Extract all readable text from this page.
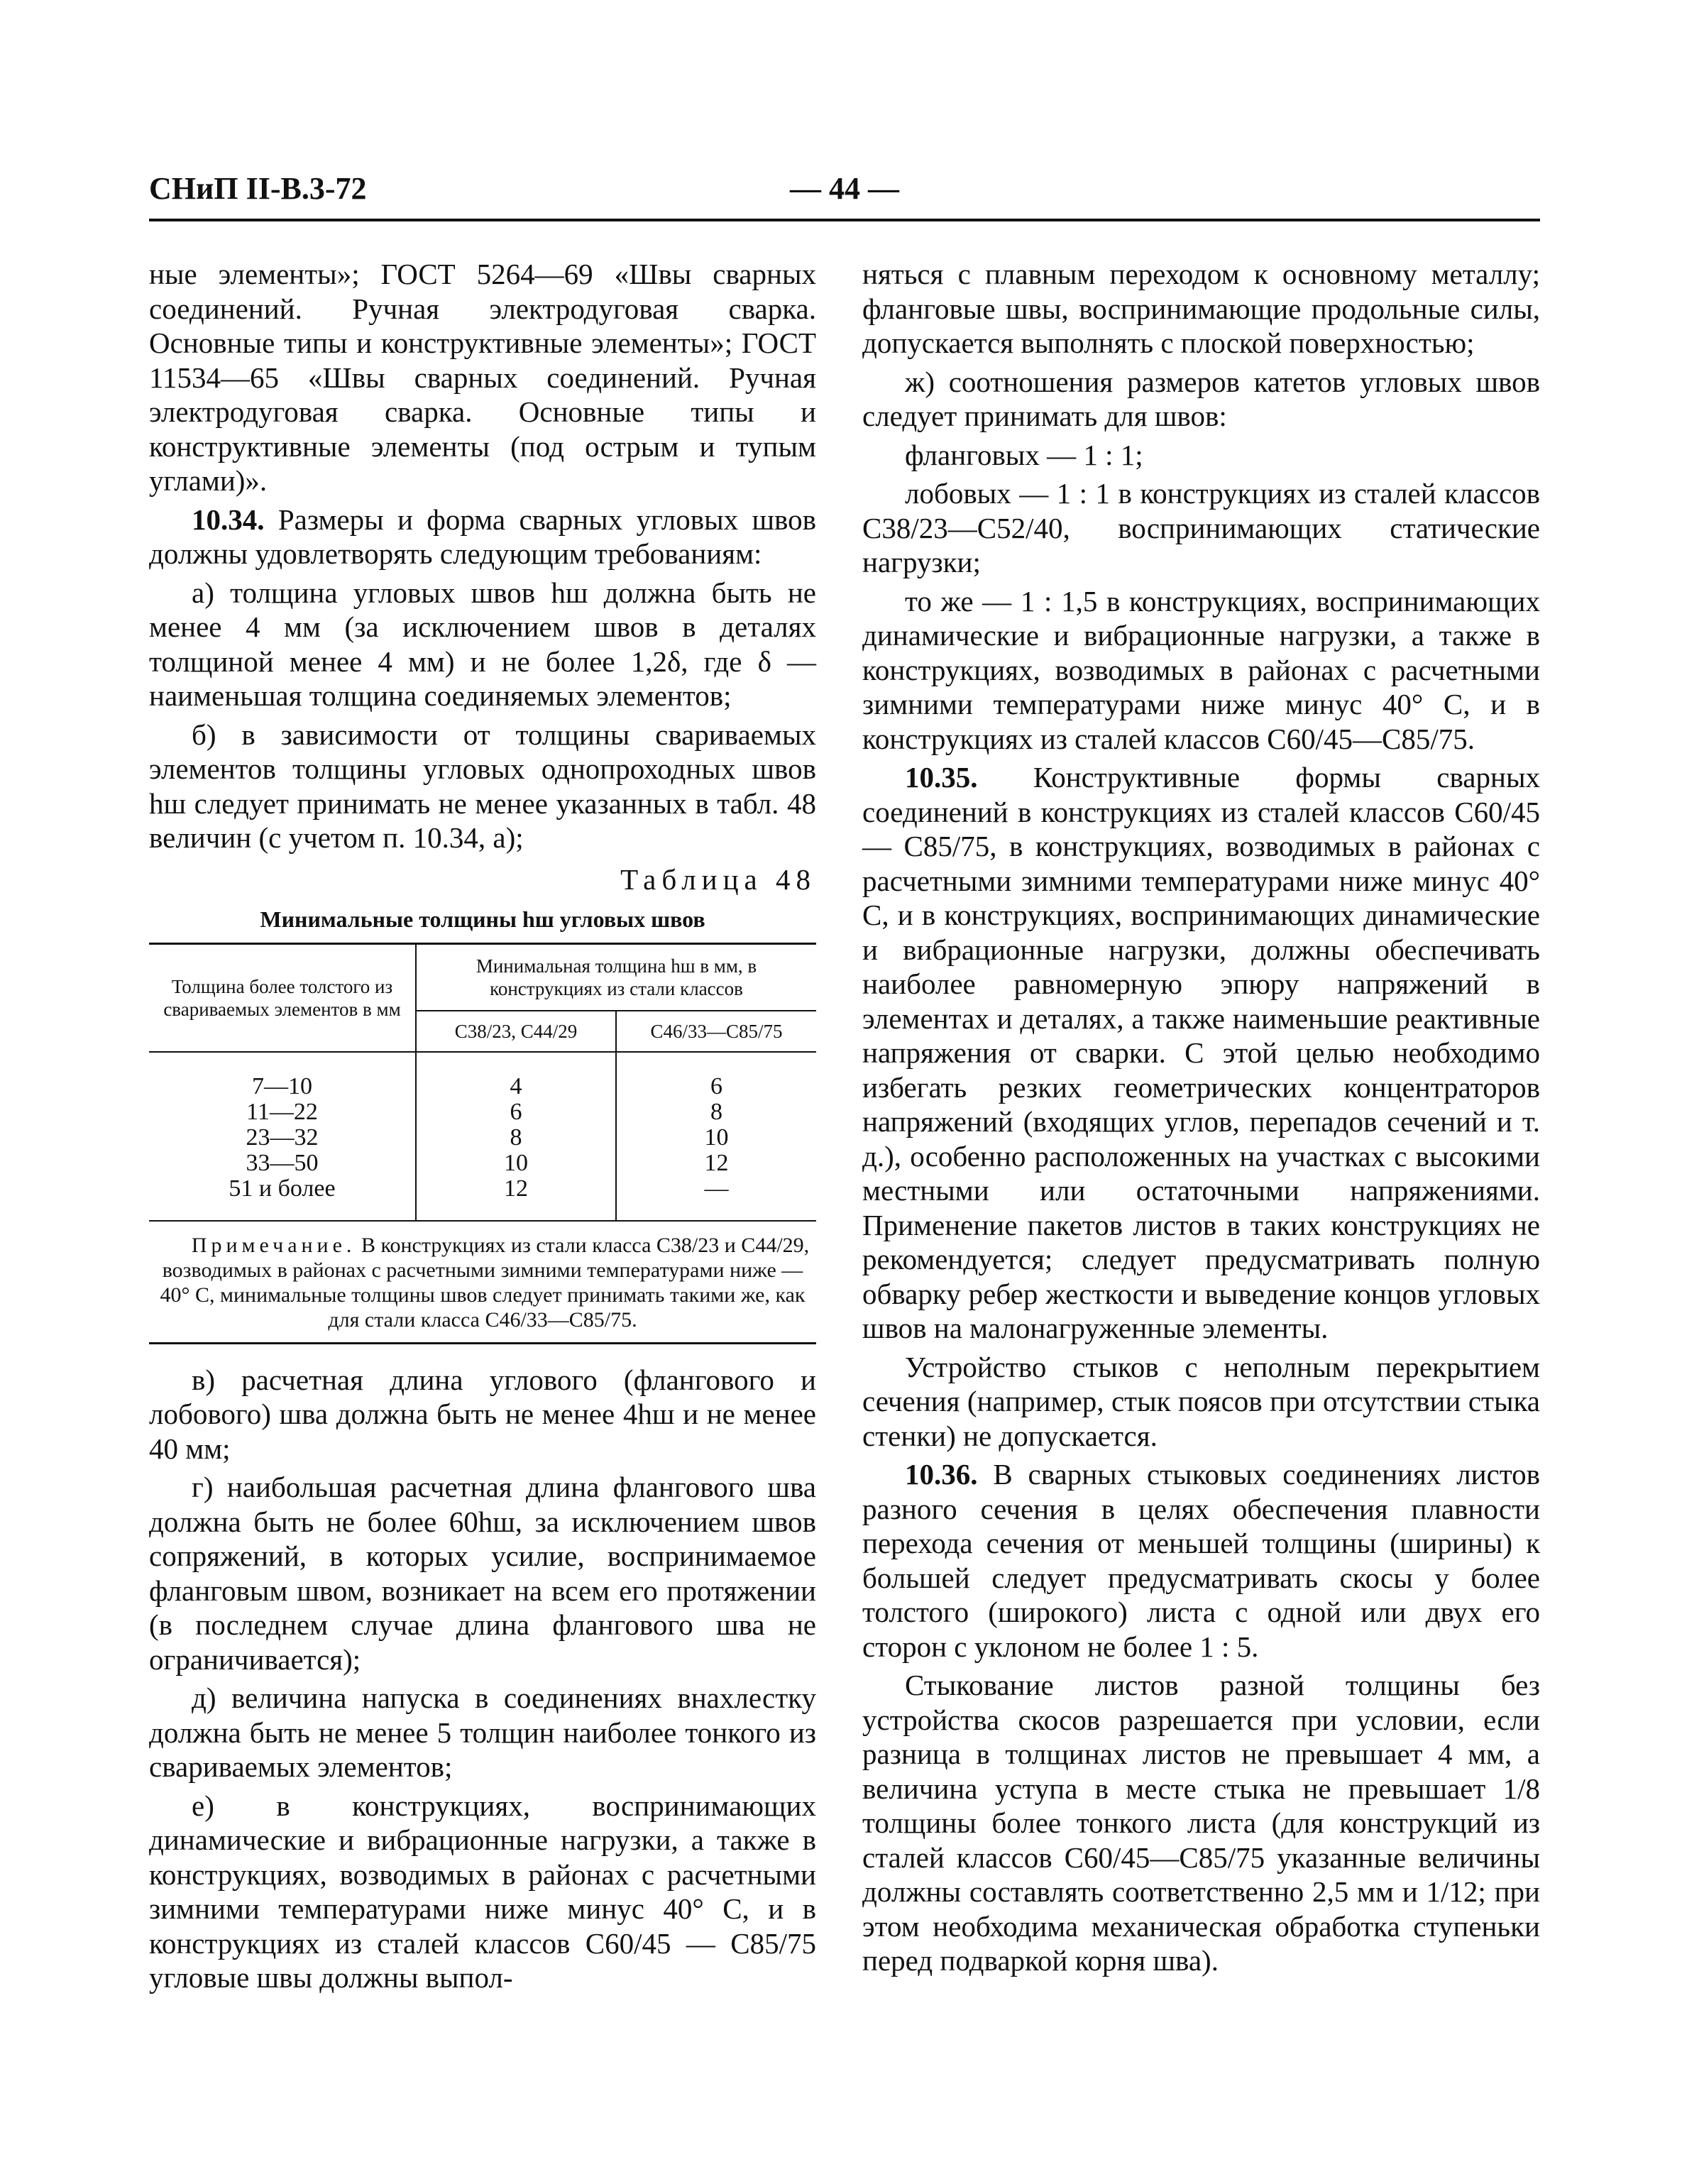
СНиП II-В.3-72	— 44 —

ные элементы»; ГОСТ 5264—69 «Швы сварных соединений. Ручная электродуговая сварка. Основные типы и конструктивные элементы»; ГОСТ 11534—65 «Швы сварных соединений. Ручная электродуговая сварка. Основные типы и конструктивные элементы (под острым и тупым углами)».

10.34. Размеры и форма сварных угловых швов должны удовлетворять следующим требованиям:

а) толщина угловых швов hш должна быть не менее 4 мм (за исключением швов в деталях толщиной менее 4 мм) и не более 1,2δ, где δ — наименьшая толщина соединяемых элементов;

б) в зависимости от толщины свариваемых элементов толщины угловых однопроходных швов hш следует принимать не менее указанных в табл. 48 величин (с учетом п. 10.34, а);

Таблица 48
Минимальные толщины hш угловых швов
Толщина более толстого из свариваемых элементов в мм	Минимальная толщина hш в мм, в конструкциях из стали классов	
	С38/23, С44/29	С46/33—С85/75
7—10	4	6
11—22	6	8
23—32	8	10
33—50	10	12
51 и более	12	—
Примечание. В конструкциях из стали класса С38/23 и С44/29, возводимых в районах с расчетными зимними температурами ниже —40° С, минимальные толщины швов следует принимать такими же, как для стали класса С46/33—С85/75.		

в) расчетная длина углового (флангового и лобового) шва должна быть не менее 4hш и не менее 40 мм;

г) наибольшая расчетная длина флангового шва должна быть не более 60hш, за исключением швов сопряжений, в которых усилие, воспринимаемое фланговым швом, возникает на всем его протяжении (в последнем случае длина флангового шва не ограничивается);

д) величина напуска в соединениях внахлестку должна быть не менее 5 толщин наиболее тонкого из свариваемых элементов;

е) в конструкциях, воспринимающих динамические и вибрационные нагрузки, а также в конструкциях, возводимых в районах с расчетными зимними температурами ниже минус 40° С, и в конструкциях из сталей классов С60/45 — С85/75 угловые швы должны выпол-

няться с плавным переходом к основному металлу; фланговые швы, воспринимающие продольные силы, допускается выполнять с плоской поверхностью;

ж) соотношения размеров катетов угловых швов следует принимать для швов:

фланговых — 1 : 1;

лобовых — 1 : 1 в конструкциях из сталей классов С38/23—С52/40, воспринимающих статические нагрузки;

то же — 1 : 1,5 в конструкциях, воспринимающих динамические и вибрационные нагрузки, а также в конструкциях, возводимых в районах с расчетными зимними температурами ниже минус 40° С, и в конструкциях из сталей классов С60/45—С85/75.

10.35. Конструктивные формы сварных соединений в конструкциях из сталей классов С60/45 — С85/75, в конструкциях, возводимых в районах с расчетными зимними температурами ниже минус 40° С, и в конструкциях, воспринимающих динамические и вибрационные нагрузки, должны обеспечивать наиболее равномерную эпюру напряжений в элементах и деталях, а также наименьшие реактивные напряжения от сварки. С этой целью необходимо избегать резких геометрических концентраторов напряжений (входящих углов, перепадов сечений и т. д.), особенно расположенных на участках с высокими местными или остаточными напряжениями. Применение пакетов листов в таких конструкциях не рекомендуется; следует предусматривать полную обварку ребер жесткости и выведение концов угловых швов на малонагруженные элементы.

Устройство стыков с неполным перекрытием сечения (например, стык поясов при отсутствии стыка стенки) не допускается.

10.36. В сварных стыковых соединениях листов разного сечения в целях обеспечения плавности перехода сечения от меньшей толщины (ширины) к большей следует предусматривать скосы у более толстого (широкого) листа с одной или двух его сторон с уклоном не более 1 : 5.

Стыкование листов разной толщины без устройства скосов разрешается при условии, если разница в толщинах листов не превышает 4 мм, а величина уступа в месте стыка не превышает 1/8 толщины более тонкого листа (для конструкций из сталей классов С60/45—С85/75 указанные величины должны составлять соответственно 2,5 мм и 1/12; при этом необходима механическая обработка ступеньки перед подваркой корня шва).
